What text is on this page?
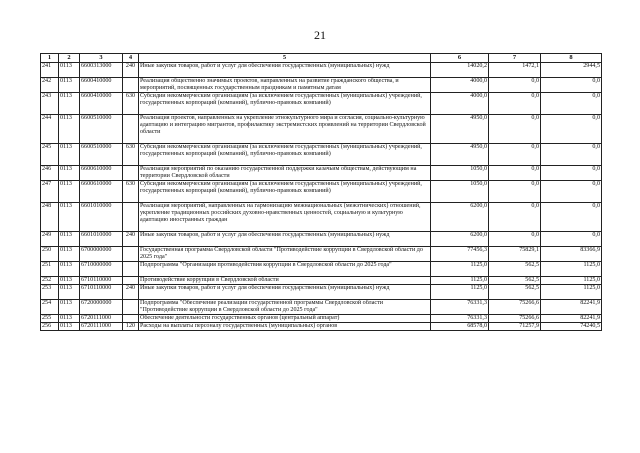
21
1	2	3	4	5	6	7	8
241	0113	6600313000	240	Иные закупки товаров, работ и услуг для обеспечения государственных (муниципальных) нужд	14020,2	1472,1	2944,5
242	0113	6600410000		Реализация общественно значимых проектов, направленных на развитие гражданского общества, и мероприятий, посвященных государственным праздникам и памятным датам	4000,0	0,0	0,0
243	0113	6600410000	630	Субсидии некоммерческим организациям (за исключением государственных (муниципальных) учреждений, государственных корпораций (компаний), публично-правовых компаний)	4000,0	0,0	0,0
244	0113	6600510000		Реализация проектов, направленных на укрепление этнокультурного мира и согласия, социально-культурную адаптацию и интеграцию мигрантов, профилактику экстремистских проявлений на территории Свердловской области	4950,0	0,0	0,0
245	0113	6600510000	630	Субсидии некоммерческим организациям (за исключением государственных (муниципальных) учреждений, государственных корпораций (компаний), публично-правовых компаний)	4950,0	0,0	0,0
246	0113	6600610000		Реализация мероприятий по оказанию государственной поддержки казачьим обществам, действующим на территории Свердловской области	1050,0	0,0	0,0
247	0113	6600610000	630	Субсидии некоммерческим организациям (за исключением государственных (муниципальных) учреждений, государственных корпораций (компаний), публично-правовых компаний)	1050,0	0,0	0,0
248	0113	6601010000		Реализация мероприятий, направленных на гармонизацию межнациональных (межэтнических) отношений, укрепление традиционных российских духовно-нравственных ценностей, социальную и культурную адаптацию иностранных граждан	6200,0	0,0	0,0
249	0113	6601010000	240	Иные закупки товаров, работ и услуг для обеспечения государственных (муниципальных) нужд	6200,0	0,0	0,0
250	0113	6700000000		Государственная программа Свердловской области "Противодействие коррупции в Свердловской области до 2025 года"	77456,3	75829,1	83366,9
251	0113	6710000000		Подпрограмма "Организация противодействия коррупции в Свердловской области до 2025 года"	1125,0	562,5	1125,0
252	0113	6710110000		Противодействие коррупции в Свердловской области	1125,0	562,5	1125,0
253	0113	6710110000	240	Иные закупки товаров, работ и услуг для обеспечения государственных (муниципальных) нужд	1125,0	562,5	1125,0
254	0113	6720000000		Подпрограмма "Обеспечение реализации государственной программы Свердловской области "Противодействие коррупции в Свердловской области до 2025 года"	76331,3	75266,6	82241,9
255	0113	6720111000		Обеспечение деятельности государственных органов (центральный аппарат)	76331,3	75266,6	82241,9
256	0113	6720111000	120	Расходы на выплаты персоналу государственных (муниципальных) органов	68578,0	71257,9	74240,5
